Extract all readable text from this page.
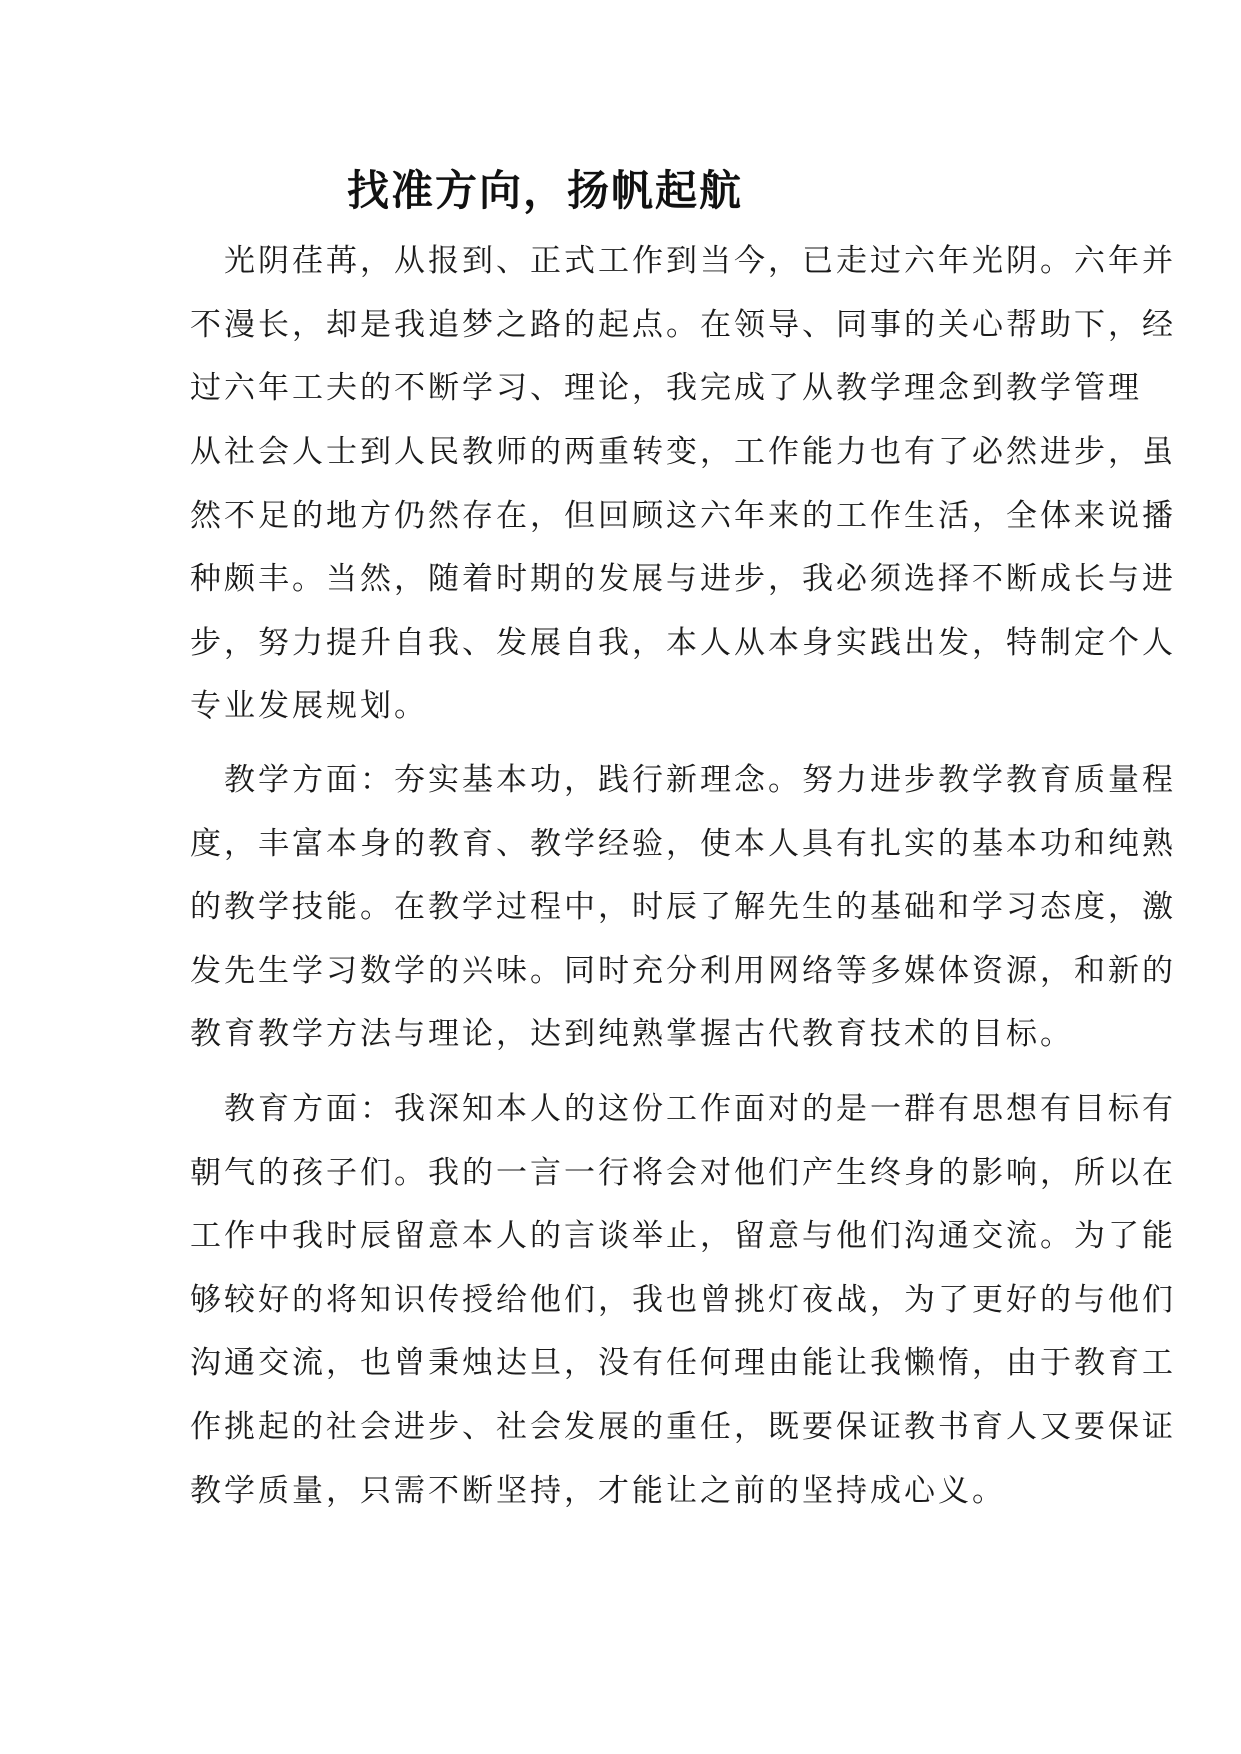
找准方向，扬帆起航
　光阴荏苒，从报到、正式工作到当今，已走过六年光阴。六年并
不漫长，却是我追梦之路的起点。在领导、同事的关心帮助下，经
过六年工夫的不断学习、理论，我完成了从教学理念到教学管理
从社会人士到人民教师的两重转变，工作能力也有了必然进步，虽
然不足的地方仍然存在，但回顾这六年来的工作生活，全体来说播
种颇丰。当然，随着时期的发展与进步，我必须选择不断成长与进
步，努力提升自我、发展自我，本人从本身实践出发，特制定个人
专业发展规划。
　教学方面：夯实基本功，践行新理念。努力进步教学教育质量程
度，丰富本身的教育、教学经验，使本人具有扎实的基本功和纯熟
的教学技能。在教学过程中，时辰了解先生的基础和学习态度，激
发先生学习数学的兴味。同时充分利用网络等多媒体资源，和新的
教育教学方法与理论，达到纯熟掌握古代教育技术的目标。
　教育方面：我深知本人的这份工作面对的是一群有思想有目标有
朝气的孩子们。我的一言一行将会对他们产生终身的影响，所以在
工作中我时辰留意本人的言谈举止，留意与他们沟通交流。为了能
够较好的将知识传授给他们，我也曾挑灯夜战，为了更好的与他们
沟通交流，也曾秉烛达旦，没有任何理由能让我懒惰，由于教育工
作挑起的社会进步、社会发展的重任，既要保证教书育人又要保证
教学质量，只需不断坚持，才能让之前的坚持成心义。
